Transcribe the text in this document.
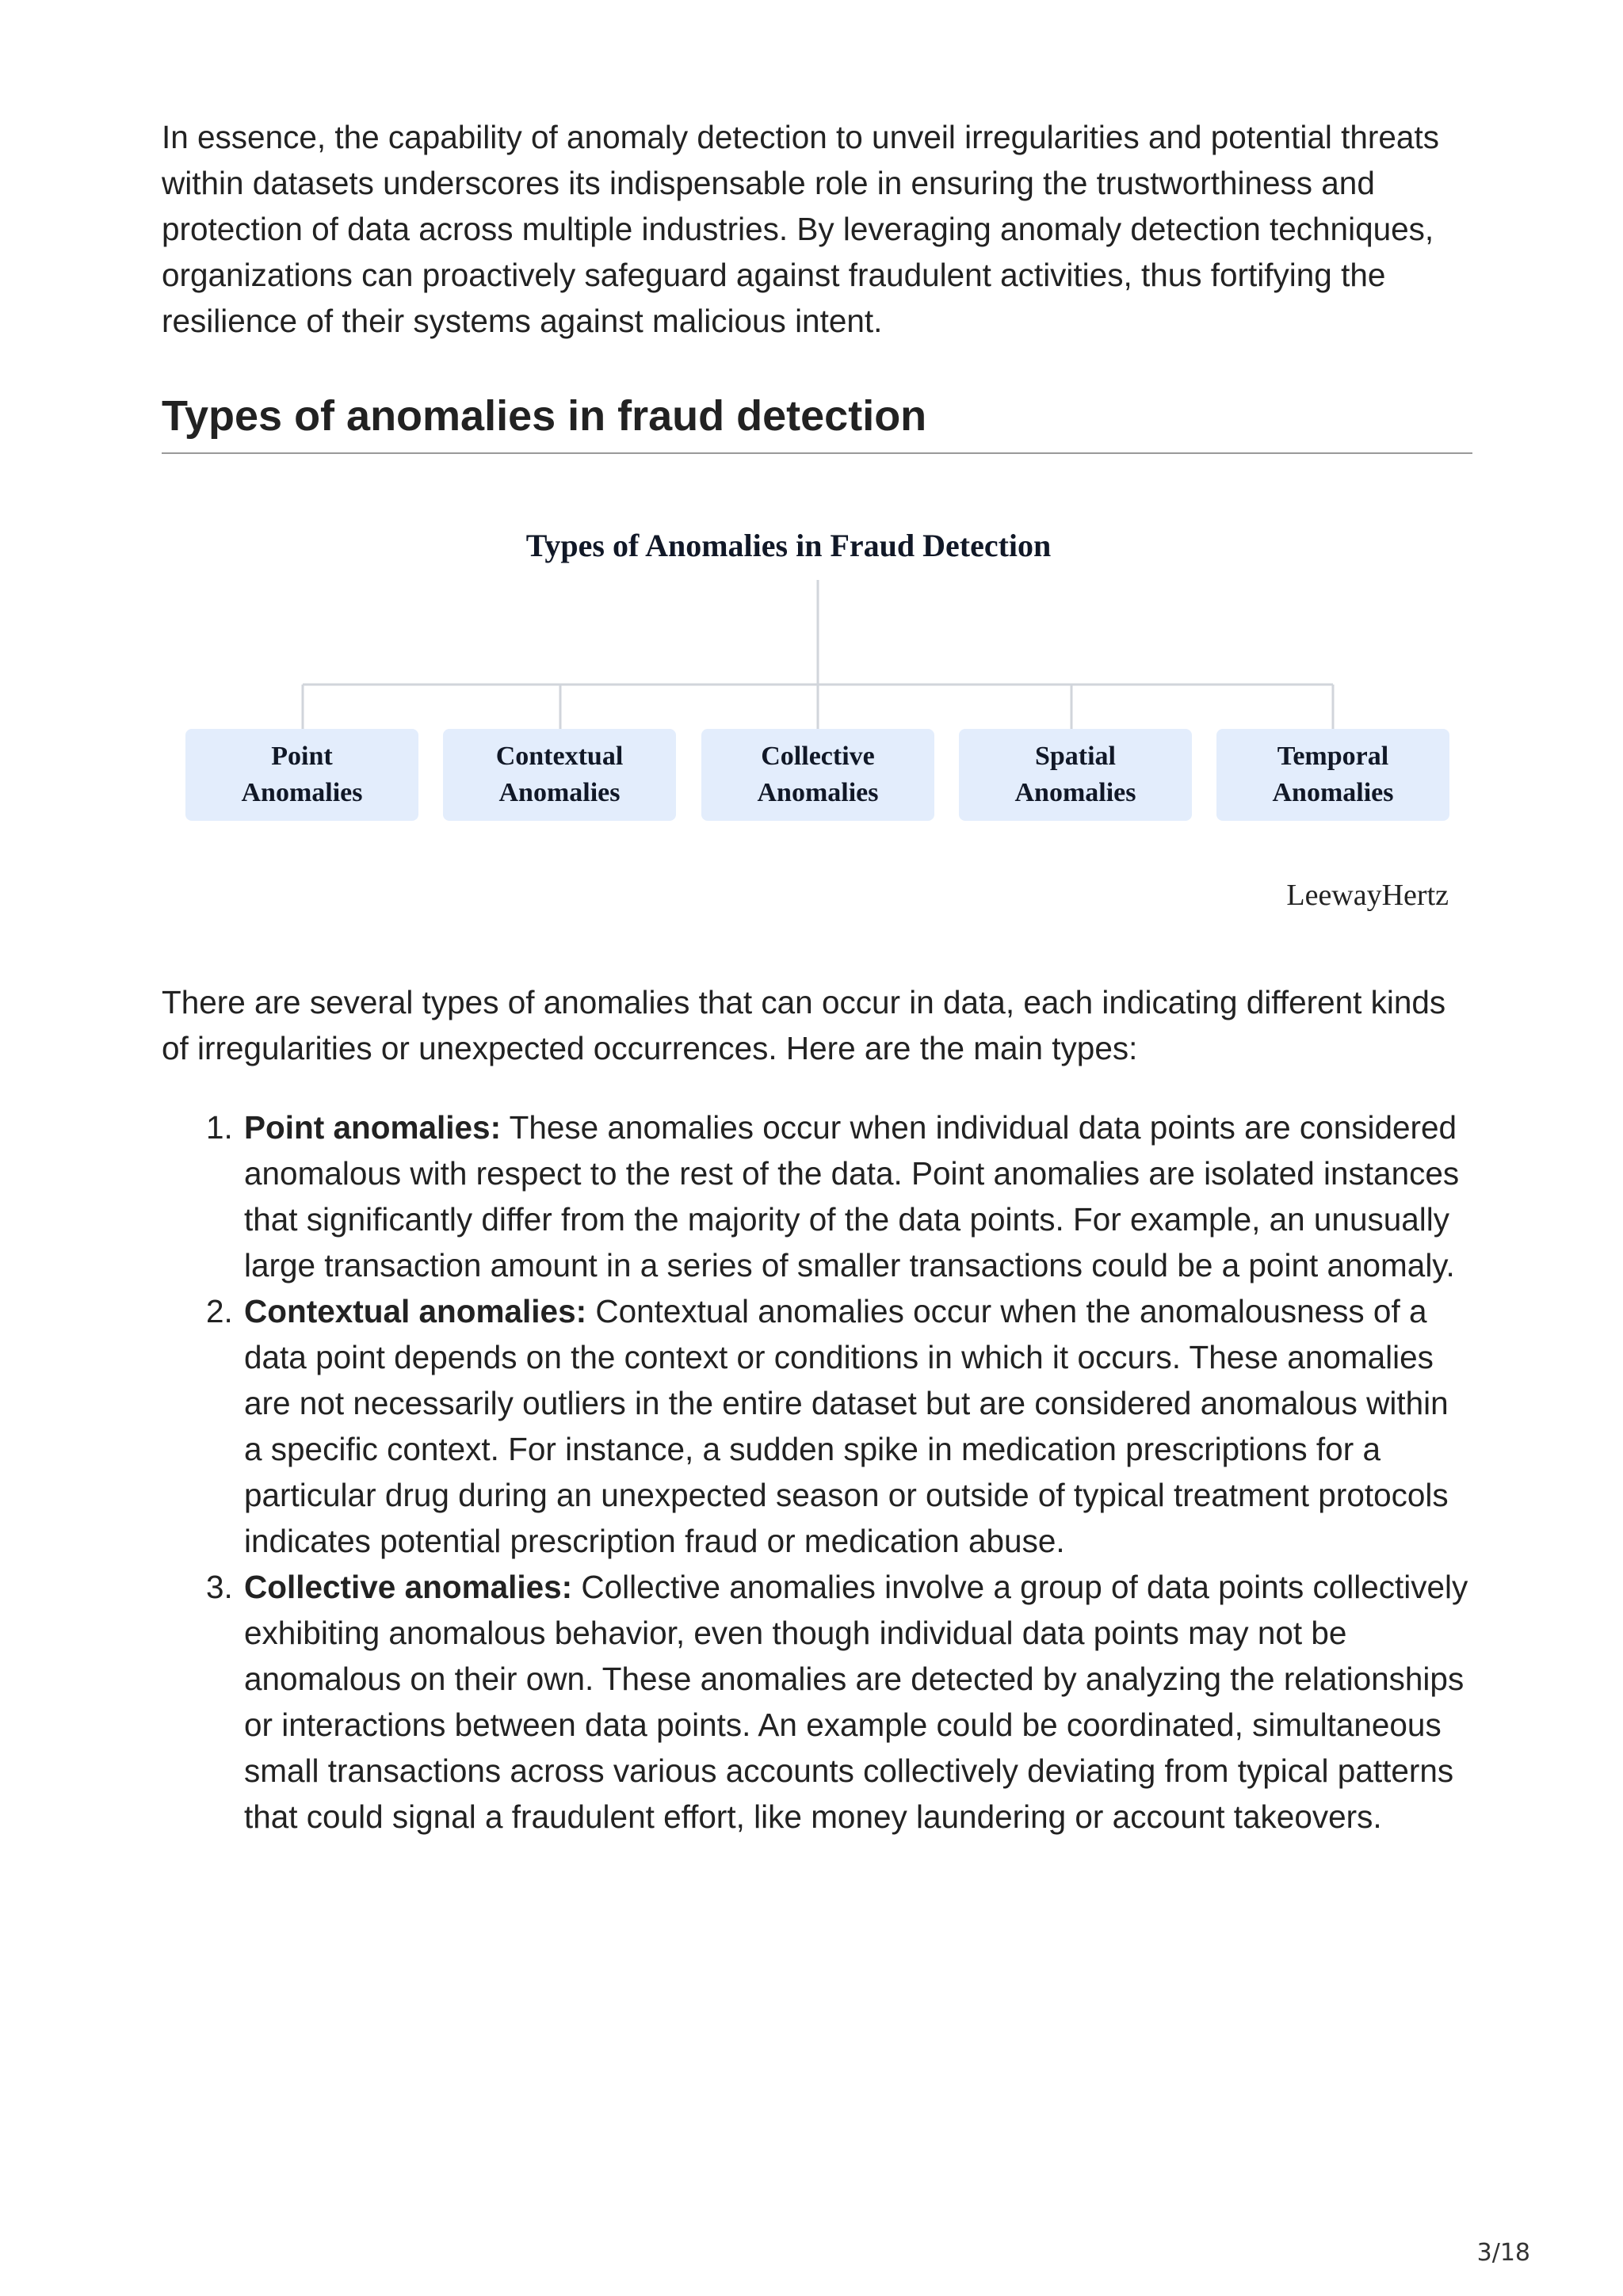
In essence, the capability of anomaly detection to unveil irregularities and potential threats within datasets underscores its indispensable role in ensuring the trustworthiness and protection of data across multiple industries. By leveraging anomaly detection techniques, organizations can proactively safeguard against fraudulent activities, thus fortifying the resilience of their systems against malicious intent.

Types of anomalies in fraud detection
Types of Anomalies in Fraud Detection
Point
Anomalies
Contextual
Anomalies
Collective
Anomalies
Spatial
Anomalies
Temporal
Anomalies
LeewayHertz

There are several types of anomalies that can occur in data, each indicating different kinds of irregularities or unexpected occurrences. Here are the main types:

1. Point anomalies: These anomalies occur when individual data points are considered anomalous with respect to the rest of the data. Point anomalies are isolated instances that significantly differ from the majority of the data points. For example, an unusually large transaction amount in a series of smaller transactions could be a point anomaly.
2. Contextual anomalies: Contextual anomalies occur when the anomalousness of a data point depends on the context or conditions in which it occurs. These anomalies are not necessarily outliers in the entire dataset but are considered anomalous within a specific context. For instance, a sudden spike in medication prescriptions for a particular drug during an unexpected season or outside of typical treatment protocols indicates potential prescription fraud or medication abuse.
3. Collective anomalies: Collective anomalies involve a group of data points collectively exhibiting anomalous behavior, even though individual data points may not be anomalous on their own. These anomalies are detected by analyzing the relationships or interactions between data points. An example could be coordinated, simultaneous small transactions across various accounts collectively deviating from typical patterns that could signal a fraudulent effort, like money laundering or account takeovers.
3/18
